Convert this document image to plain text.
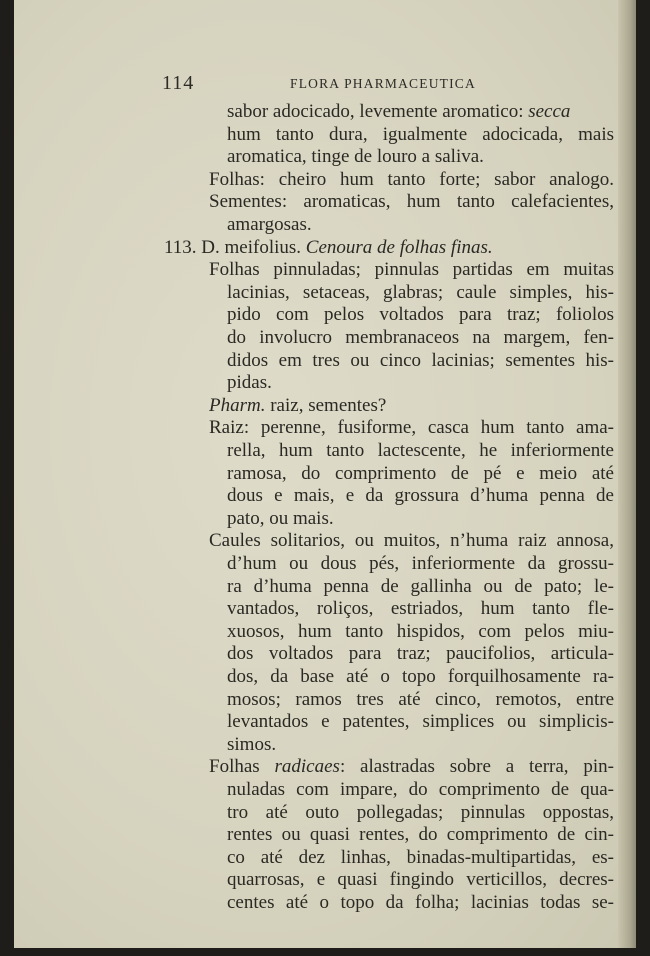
114	FLORA PHARMACEUTICA
sabor adocicado, levemente aromatico: secca
hum tanto dura, igualmente adocicada, mais
aromatica, tinge de louro a saliva.
Folhas: cheiro hum tanto forte; sabor analogo.
Sementes: aromaticas, hum tanto calefacientes,
amargosas.
113. D. meifolius. Cenoura de folhas finas.
Folhas pinnuladas; pinnulas partidas em muitas
lacinias, setaceas, glabras; caule simples, his-
pido com pelos voltados para traz; foliolos
do involucro membranaceos na margem, fen-
didos em tres ou cinco lacinias; sementes his-
pidas.
Pharm. raiz, sementes?
Raiz: perenne, fusiforme, casca hum tanto ama-
rella, hum tanto lactescente, he inferiormente
ramosa, do comprimento de pé e meio até
dous e mais, e da grossura d’huma penna de
pato, ou mais.
Caules solitarios, ou muitos, n’huma raiz annosa,
d’hum ou dous pés, inferiormente da grossu-
ra d’huma penna de gallinha ou de pato; le-
vantados, roliços, estriados, hum tanto fle-
xuosos, hum tanto hispidos, com pelos miu-
dos voltados para traz; paucifolios, articula-
dos, da base até o topo forquilhosamente ra-
mosos; ramos tres até cinco, remotos, entre
levantados e patentes, simplices ou simplicis-
simos.
Folhas radicaes: alastradas sobre a terra, pin-
nuladas com impare, do comprimento de qua-
tro até outo pollegadas; pinnulas oppostas,
rentes ou quasi rentes, do comprimento de cin-
co até dez linhas, binadas-multipartidas, es-
quarrosas, e quasi fingindo verticillos, decres-
centes até o topo da folha; lacinias todas se-
